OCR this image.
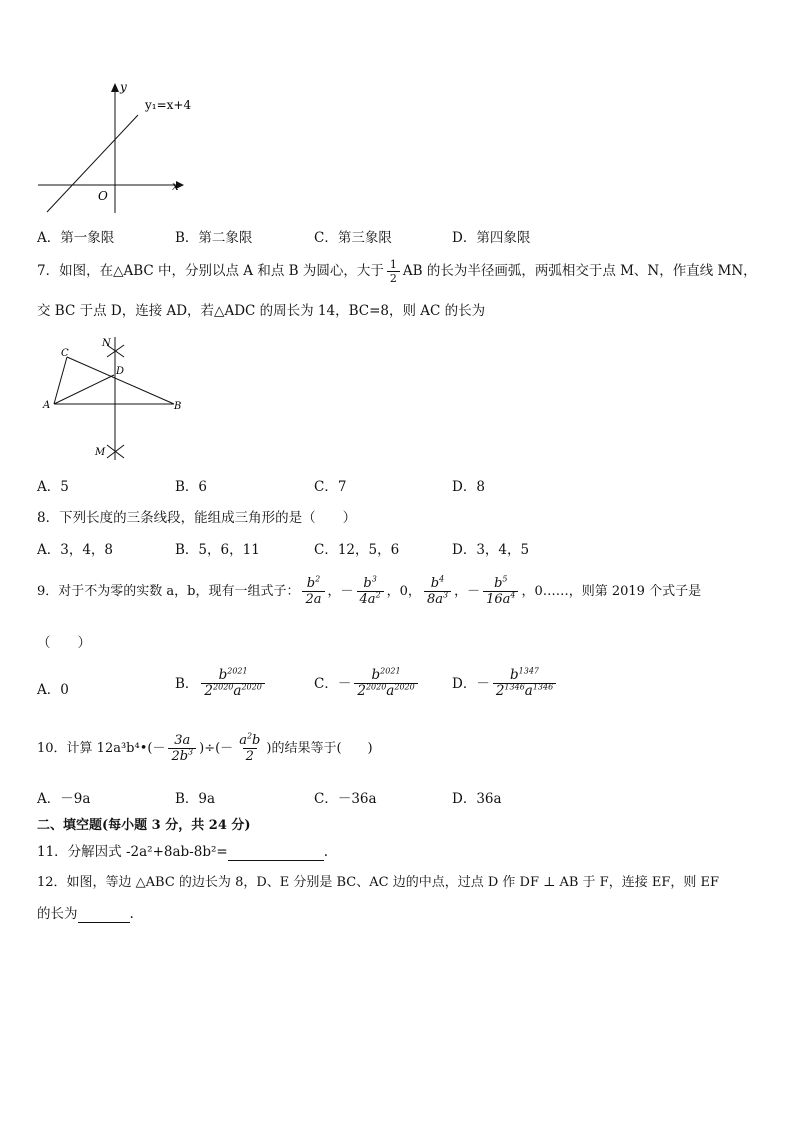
y
x
O
y₁=x+4
A．第一象限	B．第二象限	C．第三象限	D．第四象限
7．如图，在△ABC 中，分别以点 A 和点 B 为圆心，大于 $\frac{1}{2}$ AB 的长为半径画弧，两弧相交于点 M、N，作直线 MN，
交 BC 于点 D，连接 AD，若△ADC 的周长为 14，BC=8，则 AC 的长为
N
C
D
A	B
M
A．5	B．6	C．7	D．8
8．下列长度的三条线段，能组成三角形的是（　　）
A．3，4，8	B．5，6，11	C．12，5，6	D．3，4，5
9．对于不为零的实数 a，b，现有一组式子： $\frac{b^2}{2a}$ ，－ $\frac{b^3}{4a^2}$ ，0， $\frac{b^4}{8a^3}$ ，－ $\frac{b^5}{16a^4}$ ，0……，则第 2019 个式子是
（　　）
A．0	B． $\frac{b^{2021}}{2^{2020}a^{2020}}$	C．－ $\frac{b^{2021}}{2^{2020}a^{2020}}$	D．－ $\frac{b^{1347}}{2^{1346}a^{1346}}$
10．计算 12a³b⁴•(－ $\frac{3a}{2b^3}$ )÷(－ $\frac{a^2b}{2}$ )的结果等于(　　)
A．－9a	B．9a	C．－36a	D．36a
二、填空题(每小题 3 分，共 24 分)
11．分解因式 -2a²+8ab-8b²=	.
12．如图，等边 △ABC 的边长为 8，D、E 分别是 BC、AC 边的中点，过点 D 作 DF ⊥ AB 于 F，连接 EF，则 EF
的长为	.
